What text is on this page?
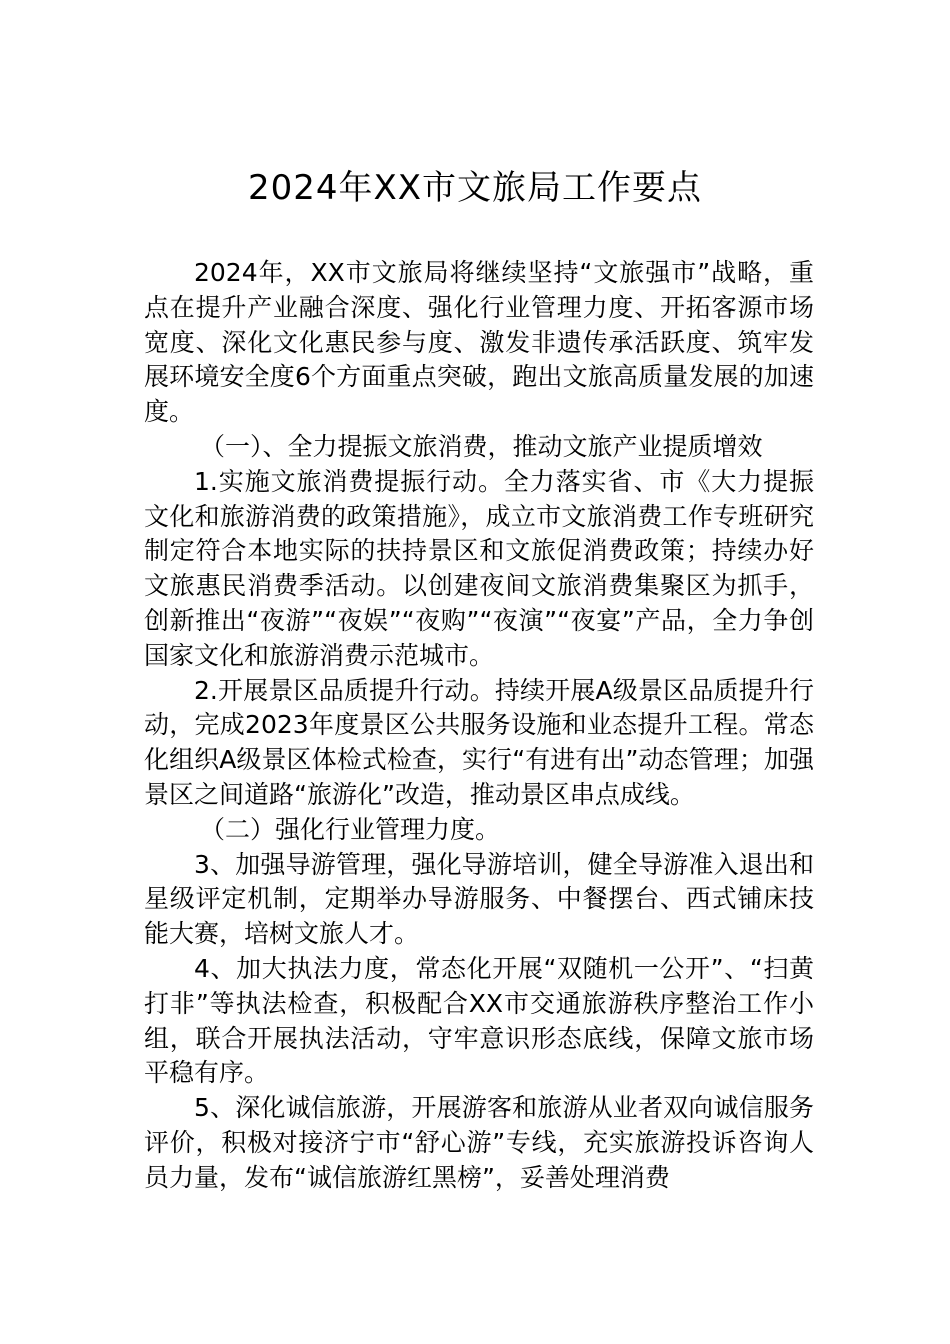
2024年XX市文旅局工作要点

2024年，XX市文旅局将继续坚持“文旅强市”战略，重点在提升产业融合深度、强化行业管理力度、开拓客源市场宽度、深化文化惠民参与度、激发非遗传承活跃度、筑牢发展环境安全度6个方面重点突破，跑出文旅高质量发展的加速度。

（一）、全力提振文旅消费，推动文旅产业提质增效

1.实施文旅消费提振行动。全力落实省、市《大力提振文化和旅游消费的政策措施》，成立市文旅消费工作专班研究制定符合本地实际的扶持景区和文旅促消费政策；持续办好文旅惠民消费季活动。以创建夜间文旅消费集聚区为抓手，创新推出“夜游”“夜娱”“夜购”“夜演”“夜宴”产品，全力争创国家文化和旅游消费示范城市。

2.开展景区品质提升行动。持续开展A级景区品质提升行动，完成2023年度景区公共服务设施和业态提升工程。常态化组织A级景区体检式检查，实行“有进有出”动态管理；加强景区之间道路“旅游化”改造，推动景区串点成线。

（二）强化行业管理力度。

3、加强导游管理，强化导游培训，健全导游准入退出和星级评定机制，定期举办导游服务、中餐摆台、西式铺床技能大赛，培树文旅人才。

4、加大执法力度，常态化开展“双随机一公开”、“扫黄打非”等执法检查，积极配合XX市交通旅游秩序整治工作小组，联合开展执法活动，守牢意识形态底线，保障文旅市场平稳有序。

5、深化诚信旅游，开展游客和旅游从业者双向诚信服务评价，积极对接济宁市“舒心游”专线，充实旅游投诉咨询人员力量，发布“诚信旅游红黑榜”，妥善处理消费
